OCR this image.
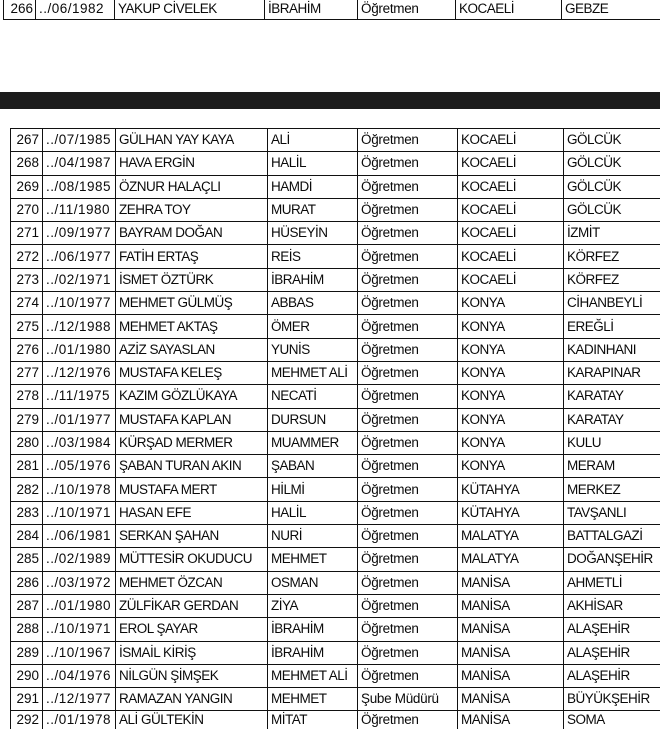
266	../06/1982	YAKUP CİVELEK	İBRAHİM	Öğretmen	KOCAELİ	GEBZE
267	../07/1985	GÜLHAN YAY KAYA	ALİ	Öğretmen	KOCAELİ	GÖLCÜK
268	../04/1987	HAVA ERGİN	HALİL	Öğretmen	KOCAELİ	GÖLCÜK
269	../08/1985	ÖZNUR HALAÇLI	HAMDİ	Öğretmen	KOCAELİ	GÖLCÜK
270	../11/1980	ZEHRA TOY	MURAT	Öğretmen	KOCAELİ	GÖLCÜK
271	../09/1977	BAYRAM DOĞAN	HÜSEYİN	Öğretmen	KOCAELİ	İZMİT
272	../06/1977	FATİH ERTAŞ	REİS	Öğretmen	KOCAELİ	KÖRFEZ
273	../02/1971	İSMET ÖZTÜRK	İBRAHİM	Öğretmen	KOCAELİ	KÖRFEZ
274	../10/1977	MEHMET GÜLMÜŞ	ABBAS	Öğretmen	KONYA	CİHANBEYLİ
275	../12/1988	MEHMET AKTAŞ	ÖMER	Öğretmen	KONYA	EREĞLİ
276	../01/1980	AZİZ SAYASLAN	YUNİS	Öğretmen	KONYA	KADINHANI
277	../12/1976	MUSTAFA KELEŞ	MEHMET ALİ	Öğretmen	KONYA	KARAPINAR
278	../11/1975	KAZIM GÖZLÜKAYA	NECATİ	Öğretmen	KONYA	KARATAY
279	../01/1977	MUSTAFA KAPLAN	DURSUN	Öğretmen	KONYA	KARATAY
280	../03/1984	KÜRŞAD MERMER	MUAMMER	Öğretmen	KONYA	KULU
281	../05/1976	ŞABAN TURAN AKIN	ŞABAN	Öğretmen	KONYA	MERAM
282	../10/1978	MUSTAFA MERT	HİLMİ	Öğretmen	KÜTAHYA	MERKEZ
283	../10/1971	HASAN EFE	HALİL	Öğretmen	KÜTAHYA	TAVŞANLI
284	../06/1981	SERKAN ŞAHAN	NURİ	Öğretmen	MALATYA	BATTALGAZİ
285	../02/1989	MÜTTESİR OKUDUCU	MEHMET	Öğretmen	MALATYA	DOĞANŞEHİR
286	../03/1972	MEHMET ÖZCAN	OSMAN	Öğretmen	MANİSA	AHMETLİ
287	../01/1980	ZÜLFİKAR GERDAN	ZİYA	Öğretmen	MANİSA	AKHİSAR
288	../10/1971	EROL ŞAYAR	İBRAHİM	Öğretmen	MANİSA	ALAŞEHİR
289	../10/1967	İSMAİL KİRİŞ	İBRAHİM	Öğretmen	MANİSA	ALAŞEHİR
290	../04/1976	NİLGÜN ŞİMŞEK	MEHMET ALİ	Öğretmen	MANİSA	ALAŞEHİR
291	../12/1977	RAMAZAN YANGIN	MEHMET	Şube Müdürü	MANİSA	BÜYÜKŞEHİR
292	../01/1978	ALİ GÜLTEKİN	MİTAT	Öğretmen	MANİSA	SOMA
